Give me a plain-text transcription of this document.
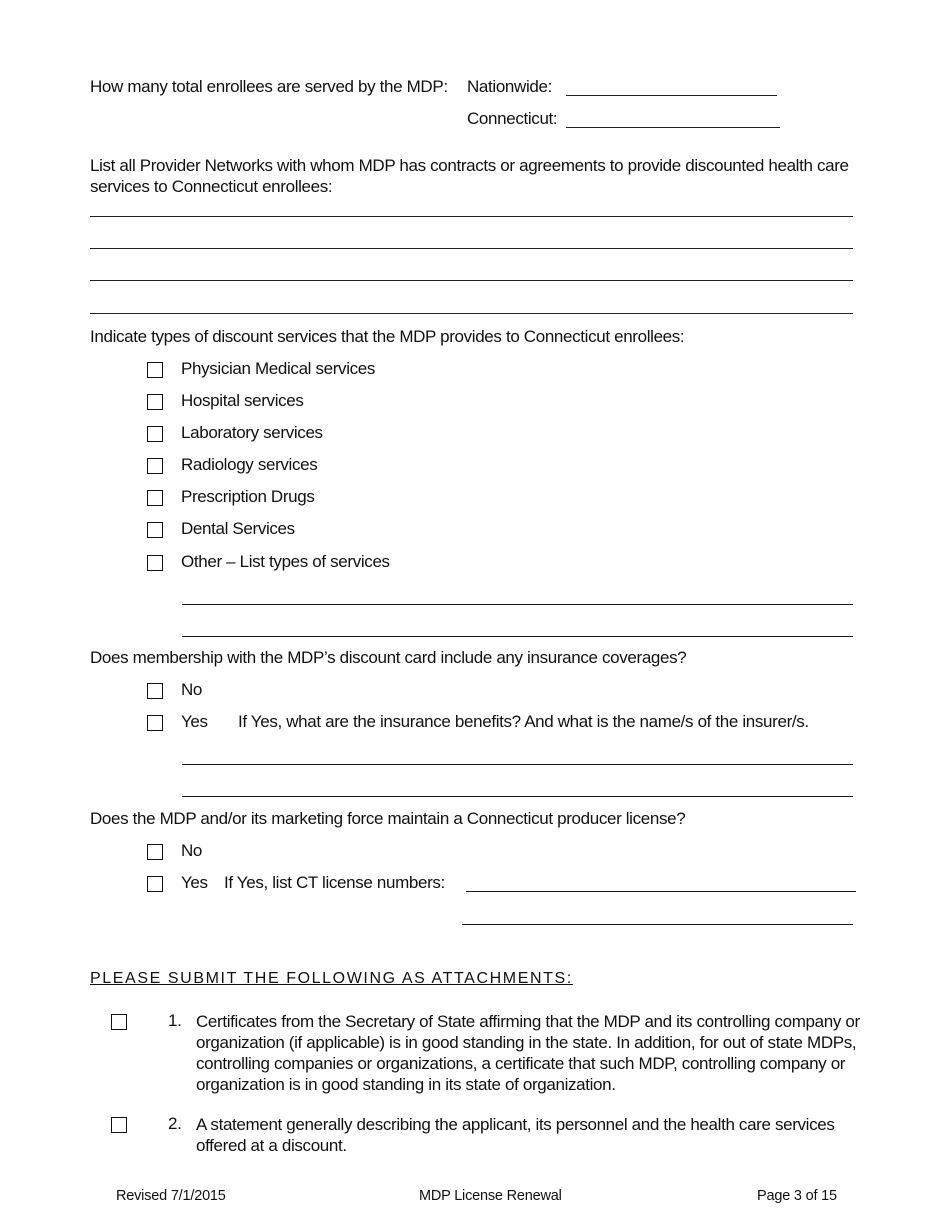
How many total enrollees are served by the MDP: Nationwide:
Connecticut:
List all Provider Networks with whom MDP has contracts or agreements to provide discounted health care services to Connecticut enrollees:
Indicate types of discount services that the MDP provides to Connecticut enrollees:
Physician Medical services
Hospital services
Laboratory services
Radiology services
Prescription Drugs
Dental Services
Other – List types of services
Does membership with the MDP’s discount card include any insurance coverages?
No
Yes If Yes, what are the insurance benefits? And what is the name/s of the insurer/s.
Does the MDP and/or its marketing force maintain a Connecticut producer license?
No
Yes If Yes, list CT license numbers:
PLEASE SUBMIT THE FOLLOWING AS ATTACHMENTS:
1. Certificates from the Secretary of State affirming that the MDP and its controlling company or organization (if applicable) is in good standing in the state. In addition, for out of state MDPs, controlling companies or organizations, a certificate that such MDP, controlling company or organization is in good standing in its state of organization.
2. A statement generally describing the applicant, its personnel and the health care services offered at a discount.
Revised 7/1/2015	MDP License Renewal	Page 3 of 15
